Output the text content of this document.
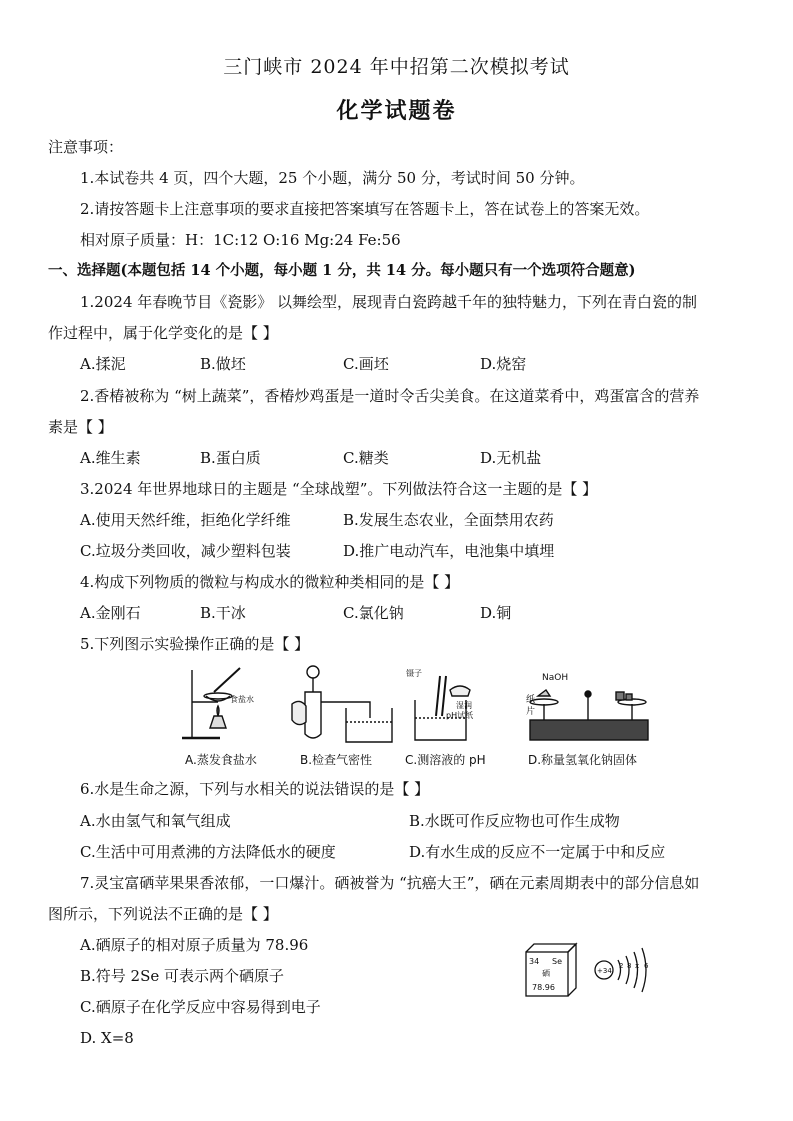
三门峡市 2024 年中招第二次模拟考试
化学试题卷
注意事项：
1.本试卷共 4 页，四个大题，25 个小题，满分 50 分，考试时间 50 分钟。
2.请按答题卡上注意事项的要求直接把答案填写在答题卡上，答在试卷上的答案无效。
相对原子质量：H：1C:12 O:16 Mg:24 Fe:56
一、选择题(本题包括 14 个小题，每小题 1 分，共 14 分。每小题只有一个选项符合题意)
1.2024 年春晚节目《瓷影》 以舞绘型，展现青白瓷跨越千年的独特魅力，下列在青白瓷的制
作过程中，属于化学变化的是【 】
A.揉泥	B.做坯	C.画坯	D.烧窑
2.香椿被称为 “树上蔬菜”，香椿炒鸡蛋是一道时令舌尖美食。在这道菜肴中，鸡蛋富含的营养
素是【 】
A.维生素	B.蛋白质	C.糖类	D.无机盐
3.2024 年世界地球日的主题是 “全球战塑”。下列做法符合这一主题的是【 】
A.使用天然纤维，拒绝化学纤维	B.发展生态农业，全面禁用农药
C.垃圾分类回收，减少塑料包装	D.推广电动汽车，电池集中填埋
4.构成下列物质的微粒与构成水的微粒种类相同的是【 】
A.金刚石	B.干冰	C.氯化钠	D.铜
5.下列图示实验操作正确的是【 】
食盐水
镊子
湿润
pH试纸
NaOH
纸
片
A.蒸发食盐水	B.检查气密性	C.测溶液的 pH	D.称量氢氧化钠固体
6.水是生命之源，下列与水相关的说法错误的是【 】
A.水由氢气和氧气组成	B.水既可作反应物也可作生成物
C.生活中可用煮沸的方法降低水的硬度	D.有水生成的反应不一定属于中和反应
7.灵宝富硒苹果果香浓郁，一口爆汁。硒被誉为 “抗癌大王”，硒在元素周期表中的部分信息如
图所示，下列说法不正确的是【 】
A.硒原子的相对原子质量为 78.96
B.符号 2Se 可表示两个硒原子
C.硒原子在化学反应中容易得到电子
D. X=8
34 Se
硒
78.96
+34
2 8 x 6
